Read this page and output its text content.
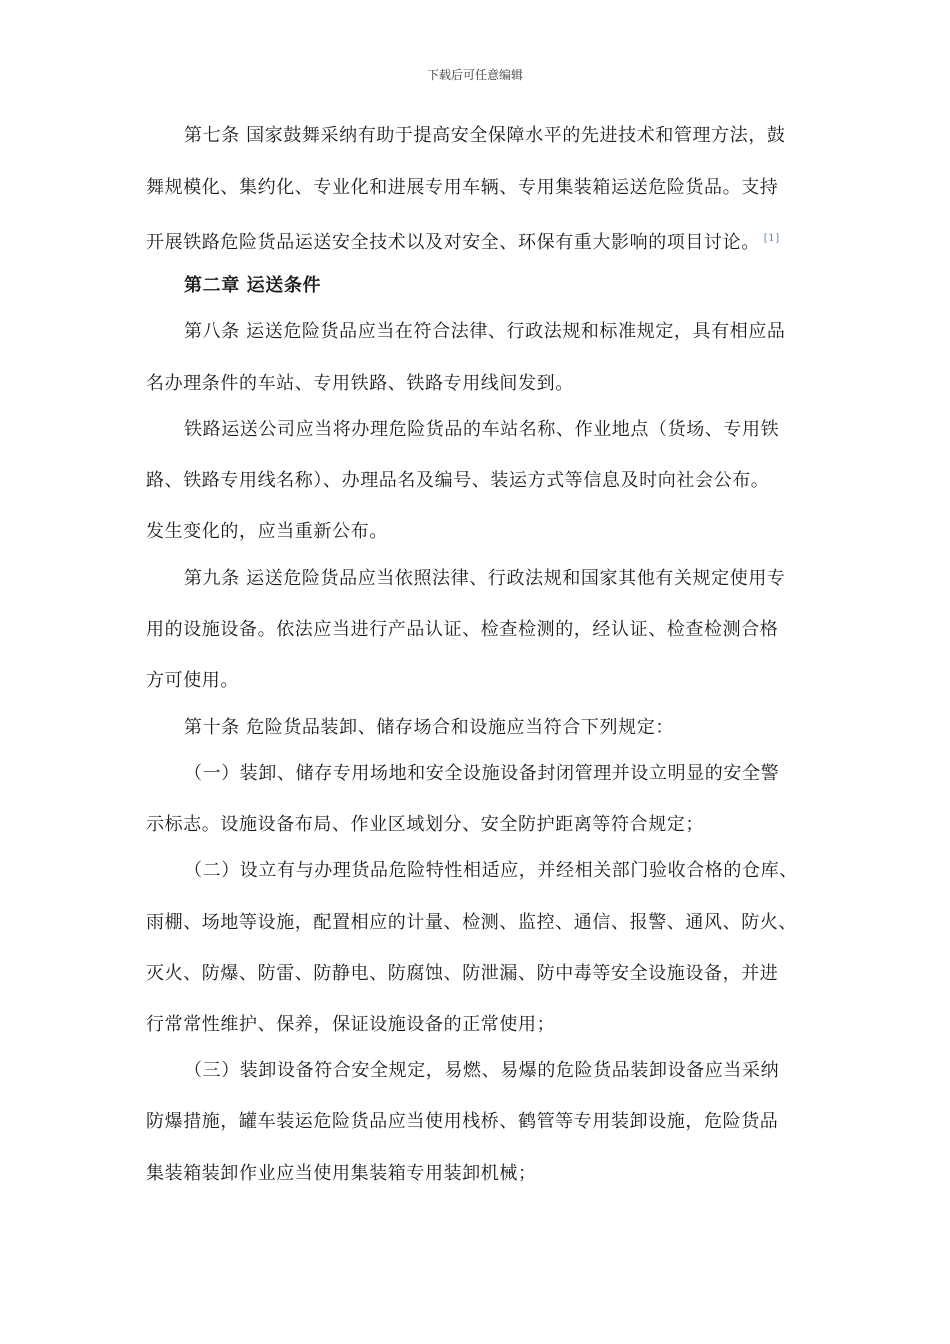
下载后可任意编辑
第七条 国家鼓舞采纳有助于提高安全保障水平的先进技术和管理方法，鼓
舞规模化、集约化、专业化和进展专用车辆、专用集装箱运送危险货品。支持
开展铁路危险货品运送安全技术以及对安全、环保有重大影响的项目讨论。 [1]
第二章 运送条件
第八条 运送危险货品应当在符合法律、行政法规和标准规定，具有相应品
名办理条件的车站、专用铁路、铁路专用线间发到。
铁路运送公司应当将办理危险货品的车站名称、作业地点（货场、专用铁
路、铁路专用线名称）、办理品名及编号、装运方式等信息及时向社会公布。
发生变化的，应当重新公布。
第九条 运送危险货品应当依照法律、行政法规和国家其他有关规定使用专
用的设施设备。依法应当进行产品认证、检查检测的，经认证、检查检测合格
方可使用。
第十条 危险货品装卸、储存场合和设施应当符合下列规定：
（一）装卸、储存专用场地和安全设施设备封闭管理并设立明显的安全警
示标志。设施设备布局、作业区域划分、安全防护距离等符合规定；
（二）设立有与办理货品危险特性相适应，并经相关部门验收合格的仓库、
雨棚、场地等设施，配置相应的计量、检测、监控、通信、报警、通风、防火、
灭火、防爆、防雷、防静电、防腐蚀、防泄漏、防中毒等安全设施设备，并进
行常常性维护、保养，保证设施设备的正常使用；
（三）装卸设备符合安全规定，易燃、易爆的危险货品装卸设备应当采纳
防爆措施，罐车装运危险货品应当使用栈桥、鹤管等专用装卸设施，危险货品
集装箱装卸作业应当使用集装箱专用装卸机械；
